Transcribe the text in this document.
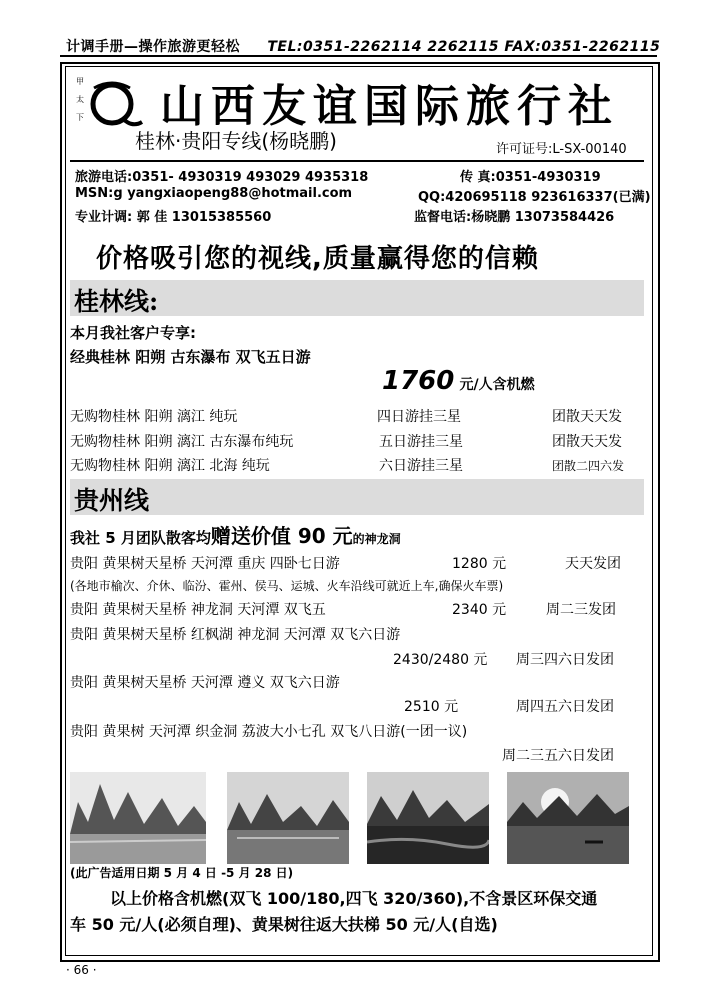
计调手册—操作旅游更轻松 TEL:0351-2262114 2262115 FAX:0351-2262115
甲
太
下 山西友谊国际旅行社
桂林·贵阳专线(杨晓鹏)	许可证号:L-SX-00140
旅游电话:0351- 4930319 493029 4935318	传 真:0351-4930319
MSN:g yangxiaopeng88@hotmail.com	QQ:420695118 923616337(已满)
专业计调: 郭 佳 13015385560	监督电话:杨晓鹏 13073584426
价格吸引您的视线,质量赢得您的信赖
桂林线:
本月我社客户专享:
经典桂林 阳朔 古东瀑布 双飞五日游
1760 元/人含机燃
无购物桂林 阳朔 漓江 纯玩	四日游挂三星	团散天天发
无购物桂林 阳朔 漓江 古东瀑布纯玩	五日游挂三星	团散天天发
无购物桂林 阳朔 漓江 北海 纯玩	六日游挂三星	团散二四六发
贵州线
我社 5 月团队散客均赠送价值 90 元的神龙洞
贵阳 黄果树天星桥 天河潭 重庆 四卧七日游	1280 元	天天发团
(各地市榆次、介休、临汾、霍州、侯马、运城、火车沿线可就近上车,确保火车票)
贵阳 黄果树天星桥 神龙洞 天河潭 双飞五	2340 元	周二三发团
贵阳 黄果树天星桥 红枫湖 神龙洞 天河潭 双飞六日游
2430/2480 元 周三四六日发团
贵阳 黄果树天星桥 天河潭 遵义 双飞六日游
2510 元	周四五六日发团
贵阳 黄果树 天河潭 织金洞 荔波大小七孔 双飞八日游(一团一议)
周二三五六日发团
(此广告适用日期 5 月 4 日 -5 月 28 日)
以上价格含机燃(双飞 100/180,四飞 320/360),不含景区环保交通
车 50 元/人(必须自理)、黄果树往返大扶梯 50 元/人(自选)
· 66 ·
